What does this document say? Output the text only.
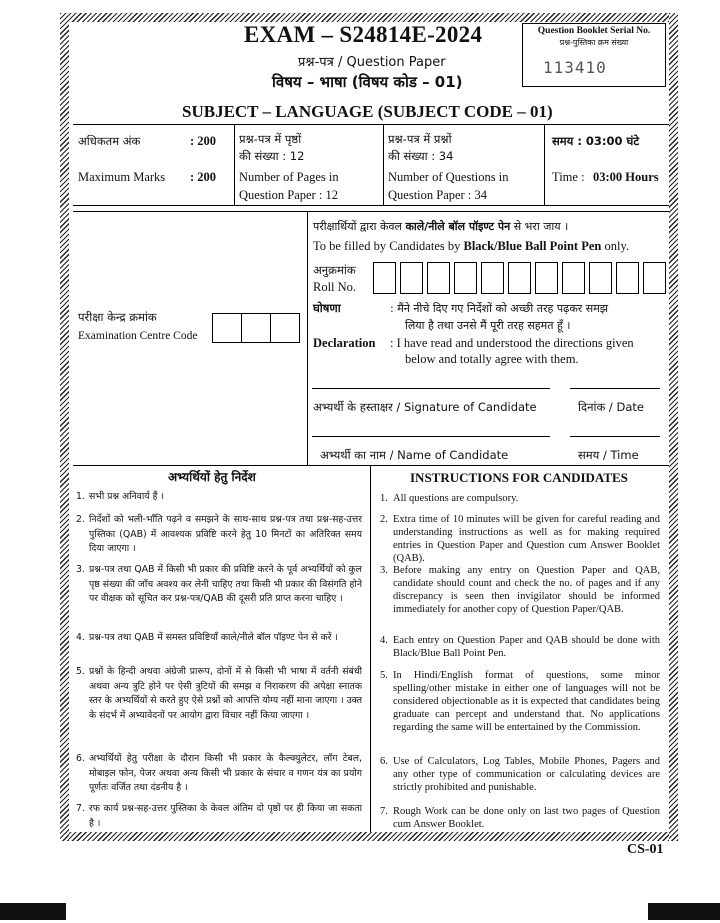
EXAM – S24814E-2024
प्रश्न-पत्र / Question Paper
विषय – भाषा (विषय कोड – 01)
Question Booklet Serial No.
प्रश्न-पुस्तिका क्रम संख्या
113410
SUBJECT – LANGUAGE (SUBJECT CODE – 01)
अधिकतम अंक	: 200
Maximum Marks : 200
प्रश्न-पत्र में पृष्ठों
की संख्या : 12
Number of Pages in
Question Paper : 12
प्रश्न-पत्र में प्रश्नों
की संख्या : 34
Number of Questions in
Question Paper : 34
समय : 03:00 घंटे
Time : 03:00 Hours
परीक्षार्थियों द्वारा केवल काले/नीले बॉल पॉइण्ट पेन से भरा जाय ।
To be filled by Candidates by Black/Blue Ball Point Pen only.
अनुक्रमांक
Roll No.
परीक्षा केन्द्र क्रमांक
Examination Centre Code
घोषणा	: मैंने नीचे दिए गए निर्देशों को अच्छी तरह पढ़कर समझ
लिया है तथा उनसे मैं पूरी तरह सहमत हूँ ।
Declaration : I have read and understood the directions given
below and totally agree with them.
अभ्यर्थी के हस्ताक्षर / Signature of Candidate	दिनांक / Date
अभ्यर्थी का नाम / Name of Candidate	समय / Time
अभ्यर्थियों हेतु निर्देश	INSTRUCTIONS FOR CANDIDATES
1. सभी प्रश्न अनिवार्य हैं ।
2. निर्देशों को भली-भाँति पढ़ने व समझने के साथ-साथ प्रश्न-पत्र तथा प्रश्न-सह-उत्तर पुस्तिका (QAB) में आवश्यक प्रविष्टि करने हेतु 10 मिनटों का अतिरिक्त समय दिया जाएगा ।
3. प्रश्न-पत्र तथा QAB में किसी भी प्रकार की प्रविष्टि करने के पूर्व अभ्यर्थियों को कुल पृष्ठ संख्या की जाँच अवश्य कर लेनी चाहिए तथा किसी भी प्रकार की विसंगति होने पर वीक्षक को सूचित कर प्रश्न-पत्र/QAB की दूसरी प्रति प्राप्त करना चाहिए ।
4. प्रश्न-पत्र तथा QAB में समस्त प्रविष्टियाँ काले/नीले बॉल पॉइण्ट पेन से करें ।
5. प्रश्नों के हिन्दी अथवा अंग्रेजी प्रारूप, दोनों में से किसी भी भाषा में वर्तनी संबंधी अथवा अन्य त्रुटि होने पर ऐसी त्रुटियों की समझ व निराकरण की अपेक्षा स्नातक स्तर के अभ्यर्थियों से करते हुए ऐसे प्रश्नों को आपत्ति योग्य नहीं माना जाएगा । उक्त के संदर्भ में अभ्यावेदनों पर आयोग द्वारा विचार नहीं किया जाएगा ।
6. अभ्यर्थियों हेतु परीक्षा के दौरान किसी भी प्रकार के कैल्क्युलेटर, लॉग टेबल, मोबाइल फोन, पेजर अथवा अन्य किसी भी प्रकार के संचार व गणन यंत्र का प्रयोग पूर्णतः वर्जित तथा दंडनीय है ।
7. रफ कार्य प्रश्न-सह-उत्तर पुस्तिका के केवल अंतिम दो पृष्ठों पर ही किया जा सकता है ।
1. All questions are compulsory.
2. Extra time of 10 minutes will be given for careful reading and understanding instructions as well as for making required entries in Question Paper and Question cum Answer Booklet (QAB).
3. Before making any entry on Question Paper and QAB, candidate should count and check the no. of pages and if any discrepancy is seen then invigilator should be informed immediately for another copy of Question Paper/QAB.
4. Each entry on Question Paper and QAB should be done with Black/Blue Ball Point Pen.
5. In Hindi/English format of questions, some minor spelling/other mistake in either one of languages will not be considered objectionable as it is expected that candidates being graduate can percept and understand that. No applications regarding the same will be entertained by the Commission.
6. Use of Calculators, Log Tables, Mobile Phones, Pagers and any other type of communication or calculating devices are strictly prohibited and punishable.
7. Rough Work can be done only on last two pages of Question cum Answer Booklet.
CS-01
